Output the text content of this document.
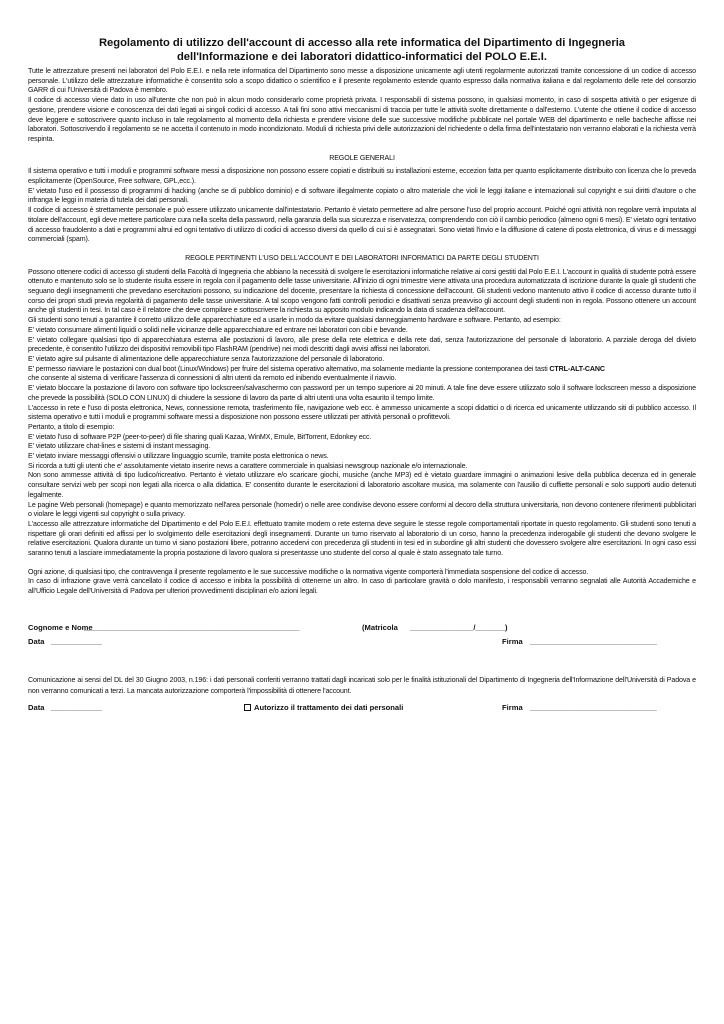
Regolamento di utilizzo dell'account di accesso alla rete informatica del Dipartimento di Ingegneria
dell'Informazione e dei laboratori didattico-informatici del POLO E.E.I.

Tutte le attrezzature presenti nei laboratori del Polo E.E.I. e nella rete informatica del Dipartimento sono messe a disposizione unicamente agli utenti regolarmente autorizzati tramite concessione di un codice di accesso personale. L'utilizzo delle attrezzature informatiche è consentito solo a scopo didattico o scientifico e il presente regolamento estende quanto espresso dalla normativa italiana e dal regolamento delle rete del consorzio GARR di cui l'Università di Padova è membro.

Il codice di accesso viene dato in uso all'utente che non può in alcun modo considerarlo come proprietà privata. I responsabili di sistema possono, in qualsiasi momento, in caso di sospetta attività o per esigenze di gestione, prendere visione e conoscenza dei dati legati ai singoli codici di accesso. A tali fini sono attivi meccanismi di traccia per tutte le attività svolte direttamente o dall'esterno. L'utente che ottiene il codice di accesso deve leggere e sottoscrivere quanto incluso in tale regolamento al momento della richiesta e prendere visione delle sue successive modifiche pubblicate nel portale WEB del dipartimento e nelle bacheche affisse nei laboratori. Sottoscrivendo il regolamento se ne accetta il contenuto in modo incondizionato. Moduli di richiesta privi delle autorizzazioni del richiedente o della firma dell'intestatario non verranno elaborati e la richiesta verrà respinta.

REGOLE GENERALI

Il sistema operativo e tutti i moduli e programmi software messi a disposizione non possono essere copiati e distribuiti su installazioni esterne, eccezion fatta per quanto esplicitamente distribuito con licenza che lo preveda esplicitamente (OpenSource, Free software, GPL,ecc.).

E' vietato l'uso ed il possesso di programmi di hacking (anche se di pubblico dominio) e di software illegalmente copiato o altro materiale che violi le leggi italiane e internazionali sul copyright e sui diritti d'autore o che infranga le leggi in materia di tutela dei dati personali.

Il codice di accesso è strettamente personale e può essere utilizzato unicamente dall'intestatario. Pertanto è vietato permettere ad altre persone l'uso del proprio account. Poiché ogni attività non regolare verrà imputata al titolare dell'account, egli deve mettere particolare cura nella scelta della password, nella garanzia della sua sicurezza e riservatezza, comprendendo con ciò il cambio periodico (almeno ogni 6 mesi). E' vietato ogni tentativo di accesso fraudolento a dati e programmi altrui ed ogni tentativo di utilizzo di codici di accesso diversi da quello di cui si è assegnatari. Sono vietati l'invio e la diffusione di catene di posta elettronica, di virus e di messaggi commerciali (spam).

REGOLE PERTINENTI L'USO DELL'ACCOUNT E DEI LABORATORI INFORMATICI DA PARTE DEGLI STUDENTI

Possono ottenere codici di accesso gli studenti della Facoltà di Ingegneria che abbiano la necessità di svolgere le esercitazioni informatiche relative ai corsi gestiti dal Polo E.E.I. L'account in qualità di studente potrà essere ottenuto e mantenuto solo se lo studente risulta essere in regola con il pagamento delle tasse universitarie. All'inizio di ogni trimestre viene attivata una procedura automatizzata di iscrizione durante la quale gli studenti che seguano degli insegnamenti che prevedano esercitazioni possono, su indicazione del docente, presentare la richiesta di concessione dell'account. Gli studenti vedono mantenuto attivo il codice di accesso durante tutto il corso dei propri studi previa regolarità di pagamento delle tasse universitarie. A tal scopo vengono fatti controlli periodici e disattivati senza preavviso gli account degli studenti non in regola. Possono ottenere un account anche gli studenti in tesi. In tal caso è il relatore che deve compilare e sottoscrivere la richiesta su apposito modulo indicando la data di scadenza dell'account.

Gli studenti sono tenuti a garantire il corretto utilizzo delle apparecchiature ed a usarle in modo da evitare qualsiasi danneggiamento hardware e software. Pertanto, ad esempio:

E' vietato consumare alimenti liquidi o solidi nelle vicinanze delle apparecchiature ed entrare nei laboratori con cibi e bevande.

E' vietato collegare qualsiasi tipo di apparecchiatura esterna alle postazioni di lavoro, alle prese della rete elettrica e della rete dati, senza l'autorizzazione del personale di laboratorio. A parziale deroga del divieto precedente, è consentito l'utilizzo dei dispositivi removibili tipo FlashRAM (pendrive) nei modi descritti dagli avvisi affissi nei laboratori.

E' vietato agire sul pulsante di alimentazione delle apparecchiature senza l'autorizzazione del personale di laboratorio.

E' permesso riavviare le postazioni con dual boot (Linux/Windows) per fruire del sistema operativo alternativo, ma solamente mediante la pressione contemporanea dei tasti CTRL-ALT-CANC

che consente al sistema di verificare l'assenza di connessioni di altri utenti da remoto ed inibendo eventualmente il riavvio.

E' vietato bloccare la postazione di lavoro con software tipo lockscreen/salvaschermo con password per un tempo superiore ai 20 minuti. A tale fine deve essere utilizzato solo il software lockscreen messo a disposizione che prevede la possibilità (SOLO CON LINUX) di chiudere la sessione di lavoro da parte di altri utenti una volta esaurito il tempo limite.

L'accesso in rete e l'uso di posta elettronica, News, connessione remota, trasferimento file, navigazione web ecc. è ammesso unicamente a scopi didattici o di ricerca ed unicamente utilizzando siti di pubblico accesso. Il sistema operativo e tutti i moduli e programmi software messi a disposizione non possono essere utilizzati per attività personali o profittevoli.

Pertanto, a titolo di esempio:

E' vietato l'uso di software P2P (peer-to-peer) di file sharing quali Kazaa, WinMX, Emule, BitTorrent, Edonkey ecc.

E' vietato utilizzare chat-lines e sistemi di instant messaging.

E' vietato inviare messaggi offensivi o utilizzare linguaggio scurrile, tramite posta elettronica o news.

Si ricorda a tutti gli utenti che e' assolutamente vietato inserire news a carattere commerciale in qualsiasi newsgroup nazionale e/o internazionale.

Non sono ammesse attività di tipo ludico/ricreativo. Pertanto è vietato utilizzare e/o scaricare giochi, musiche (anche MP3) ed è vietato guardare immagini o animazioni lesive della pubblica decenza ed in generale consultare servizi web per scopi non legati alla ricerca o alla didattica. E' consentito durante le esercitazioni di laboratorio ascoltare musica, ma solamente con l'ausilio di cuffiette personali e solo supporti audio detenuti legalmente.

Le pagine Web personali (homepage) e quanto memorizzato nell'area personale (homedir) o nelle aree condivise devono essere conformi al decoro della struttura universitaria, non devono contenere riferimenti pubblicitari o violare le leggi vigenti sul copyright o sulla privacy.

L'accesso alle attrezzature informatiche del Dipartimento e del Polo E.E.I. effettuato tramite modem o rete esterna deve seguire le stesse regole comportamentali riportate in questo regolamento. Gli studenti sono tenuti a rispettare gli orari definiti ed affissi per lo svolgimento delle esercitazioni degli insegnamenti. Durante un turno riservato al laboratorio di un corso, hanno la precedenza inderogabile gli studenti che devono svolgere le relative esercitazioni. Qualora durante un turno vi siano postazioni libere, potranno accedervi con precedenza gli studenti in tesi ed in subordine gli altri studenti che dovessero svolgere altre esercitazioni. In ogni caso essi saranno tenuti a lasciare immediatamente la propria postazione di lavoro qualora si presentasse uno studente del corso al quale è stato assegnato tale turno.

Ogni azione, di qualsiasi tipo, che contravvenga il presente regolamento e le sue successive modifiche o la normativa vigente comporterà l'immediata sospensione del codice di accesso.

In caso di infrazione grave verrà cancellato il codice di accesso e inibita la possibilità di ottenerne un altro. In caso di particolare gravità o dolo manifesto, i responsabili verranno segnalati alle Autorità Accademiche e all'Ufficio Legale dell'Università di Padova per ulteriori provvedimenti disciplinari e/o azioni legali.

Cognome e Nome
___________________________________________________	(Matricola _______________/_______)
Data ____________	Firma ______________________________

Comunicazione ai sensi del DL del 30 Giugno 2003, n.196: i dati personali conferiti verranno trattati dagli incaricati solo per le finalità istituzionali del Dipartimento di Ingegneria dell'Informazione dell'Università di Padova e non verranno comunicati a terzi. La mancata autorizzazione comporterà l'impossibilità di ottenere l'account.

Data ____________	Autorizzo il trattamento dei dati personali	Firma ______________________________
